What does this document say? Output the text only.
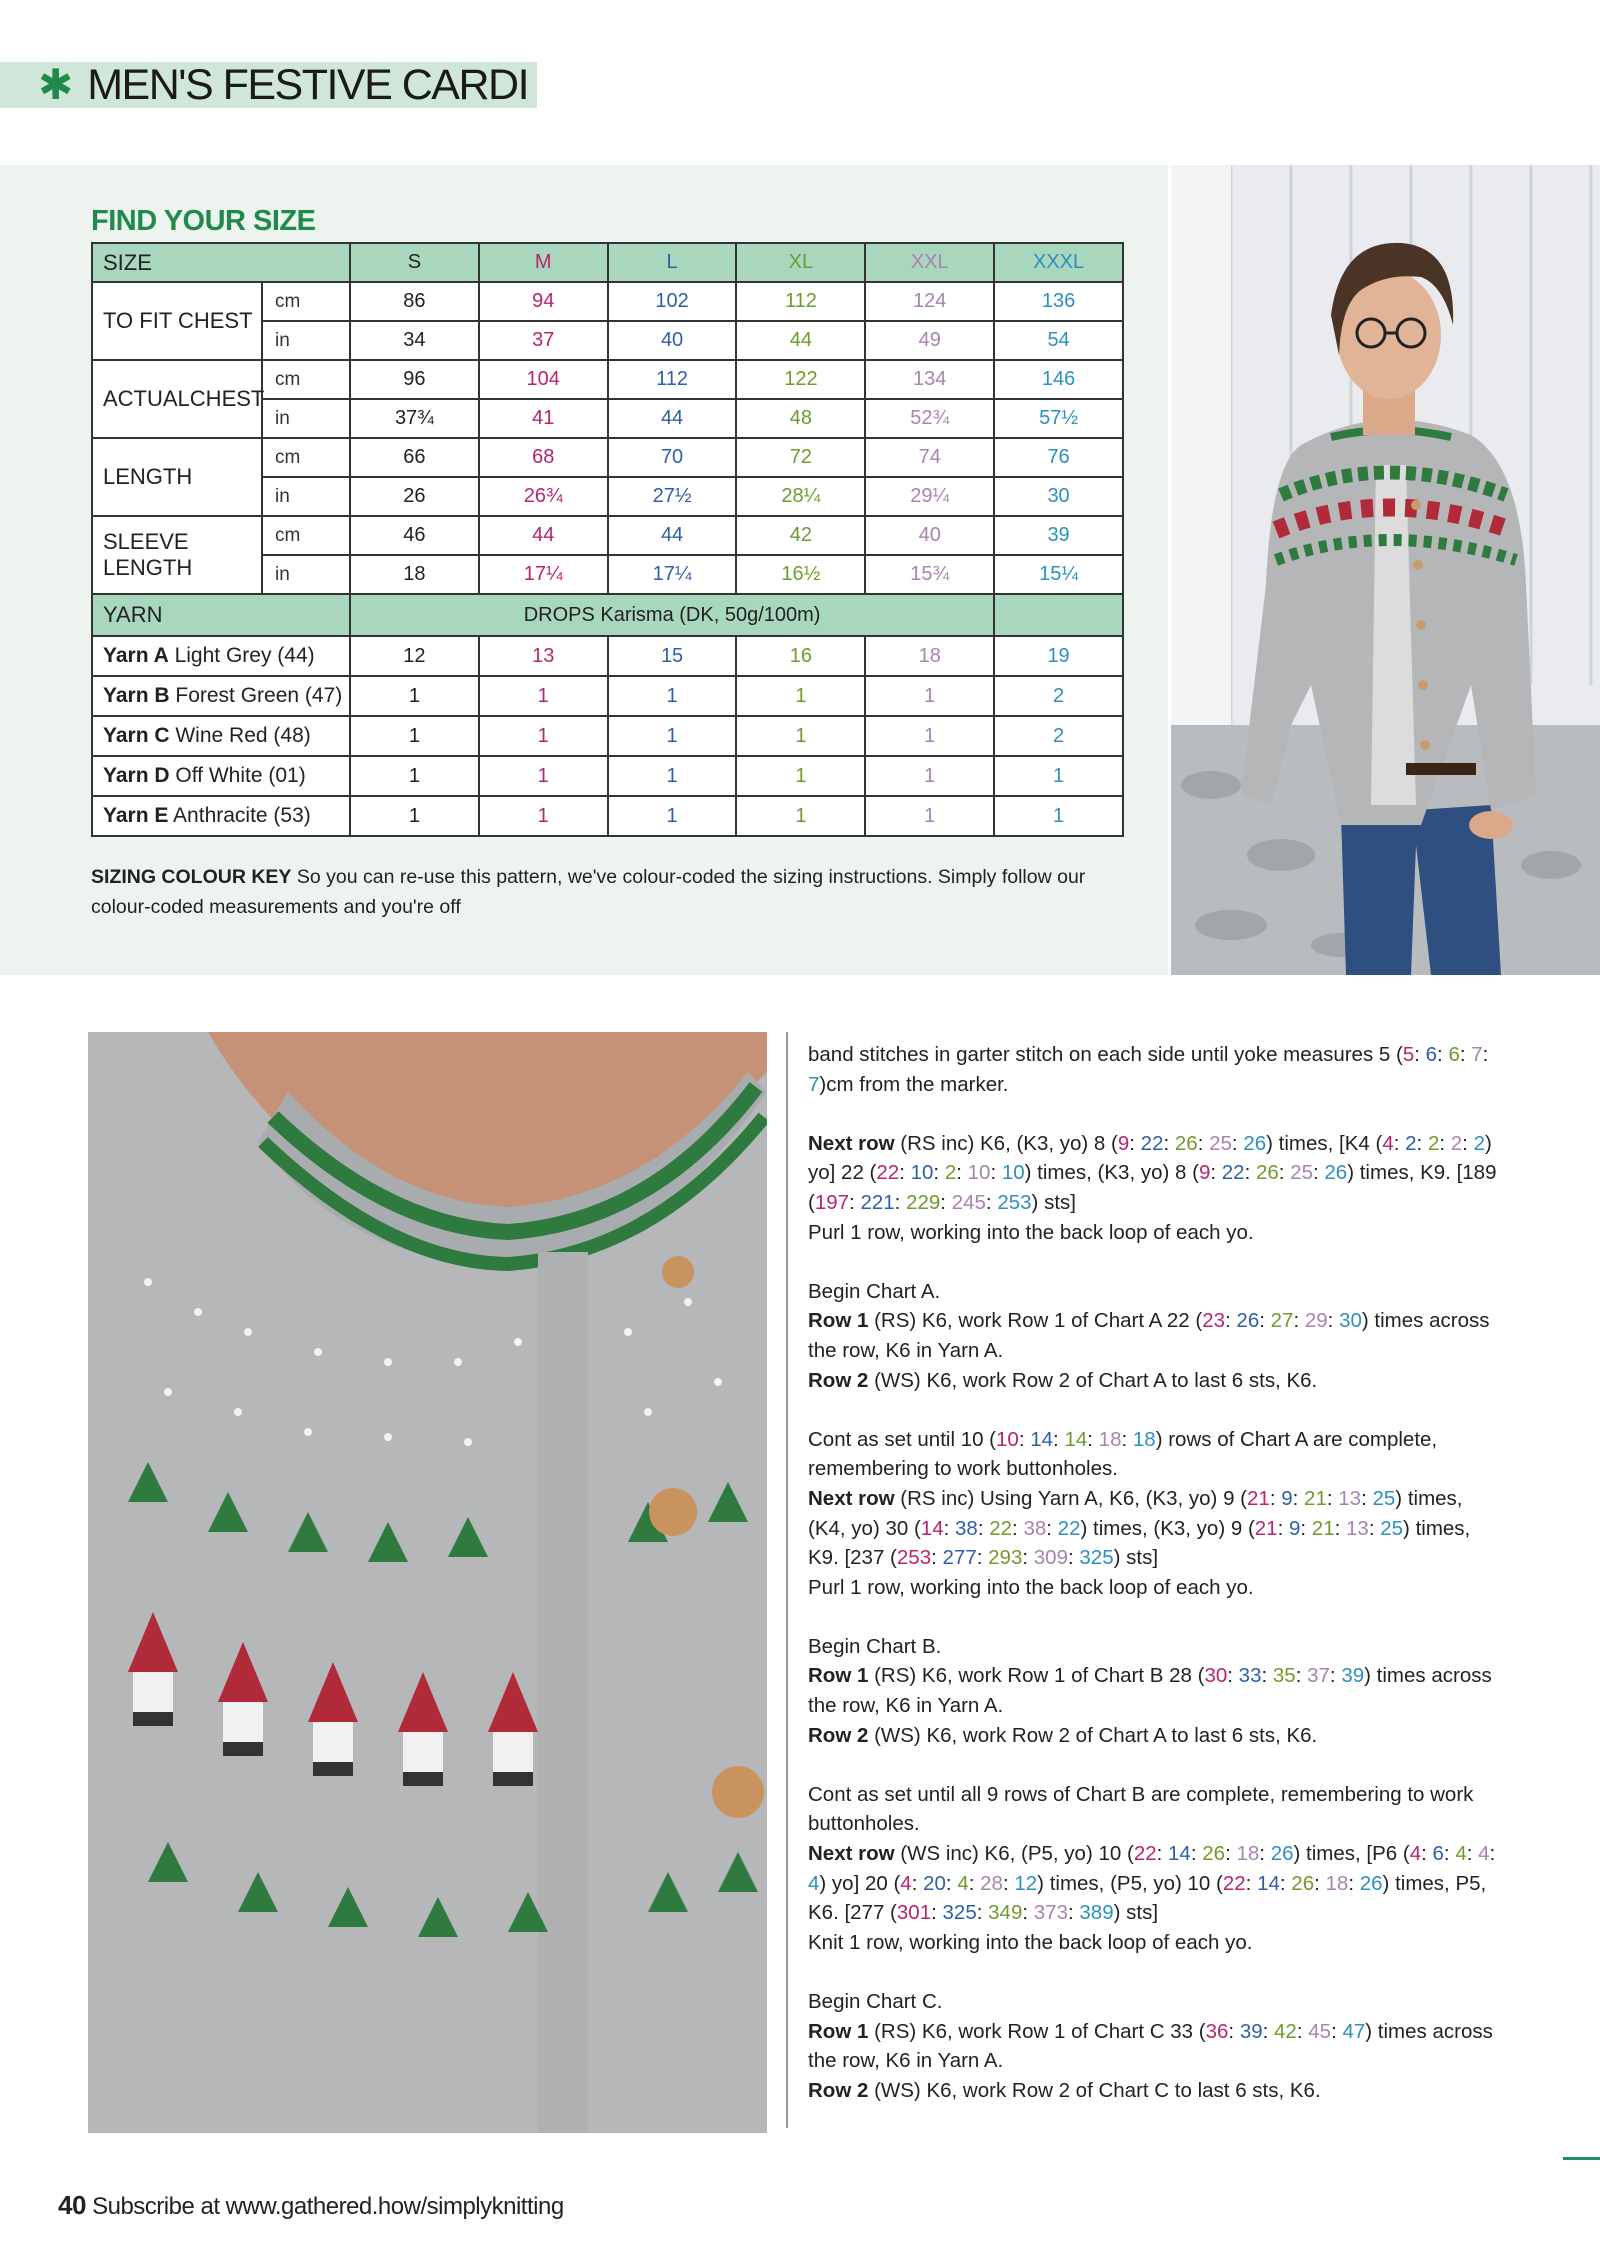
✱ MEN'S FESTIVE CARDI
FIND YOUR SIZE
SIZE		S	M	L	XL	XXL	XXXL
TO FIT CHEST	cm	86	94	102	112	124	136
	in	34	37	40	44	49	54
ACTUALCHEST	cm	96	104	112	122	134	146
	in	37¾	41	44	48	52¾	57½
LENGTH	cm	66	68	70	72	74	76
	in	26	26¾	27½	28¼	29¼	30
SLEEVE LENGTH	cm	46	44	44	42	40	39
	in	18	17¼	17¼	16½	15¾	15¼
YARN		DROPS Karisma (DK, 50g/100m)					
Yarn A Light Grey (44)		12	13	15	16	18	19
Yarn B Forest Green (47)		1	1	1	1	1	2
Yarn C Wine Red (48)		1	1	1	1	1	2
Yarn D Off White (01)		1	1	1	1	1	1
Yarn E Anthracite (53)		1	1	1	1	1	1
SIZING COLOUR KEY So you can re-use this pattern, we've colour-coded the sizing instructions. Simply follow our colour-coded measurements and you're off

band stitches in garter stitch on each side until yoke measures 5 (5: 6: 6: 7: 7)cm from the marker.

Next row (RS inc) K6, (K3, yo) 8 (9: 22: 26: 25: 26) times, [K4 (4: 2: 2: 2: 2) yo] 22 (22: 10: 2: 10: 10) times, (K3, yo) 8 (9: 22: 26: 25: 26) times, K9. [189 (197: 221: 229: 245: 253) sts]

Purl 1 row, working into the back loop of each yo.

Begin Chart A.

Row 1 (RS) K6, work Row 1 of Chart A 22 (23: 26: 27: 29: 30) times across the row, K6 in Yarn A.

Row 2 (WS) K6, work Row 2 of Chart A to last 6 sts, K6.

Cont as set until 10 (10: 14: 14: 18: 18) rows of Chart A are complete, remembering to work buttonholes.

Next row (RS inc) Using Yarn A, K6, (K3, yo) 9 (21: 9: 21: 13: 25) times, (K4, yo) 30 (14: 38: 22: 38: 22) times, (K3, yo) 9 (21: 9: 21: 13: 25) times, K9. [237 (253: 277: 293: 309: 325) sts]

Purl 1 row, working into the back loop of each yo.

Begin Chart B.

Row 1 (RS) K6, work Row 1 of Chart B 28 (30: 33: 35: 37: 39) times across the row, K6 in Yarn A.

Row 2 (WS) K6, work Row 2 of Chart A to last 6 sts, K6.

Cont as set until all 9 rows of Chart B are complete, remembering to work buttonholes.

Next row (WS inc) K6, (P5, yo) 10 (22: 14: 26: 18: 26) times, [P6 (4: 6: 4: 4: 4) yo] 20 (4: 20: 4: 28: 12) times, (P5, yo) 10 (22: 14: 26: 18: 26) times, P5, K6. [277 (301: 325: 349: 373: 389) sts]

Knit 1 row, working into the back loop of each yo.

Begin Chart C.

Row 1 (RS) K6, work Row 1 of Chart C 33 (36: 39: 42: 45: 47) times across the row, K6 in Yarn A.

Row 2 (WS) K6, work Row 2 of Chart C to last 6 sts, K6.

40 Subscribe at www.gathered.how/simplyknitting
